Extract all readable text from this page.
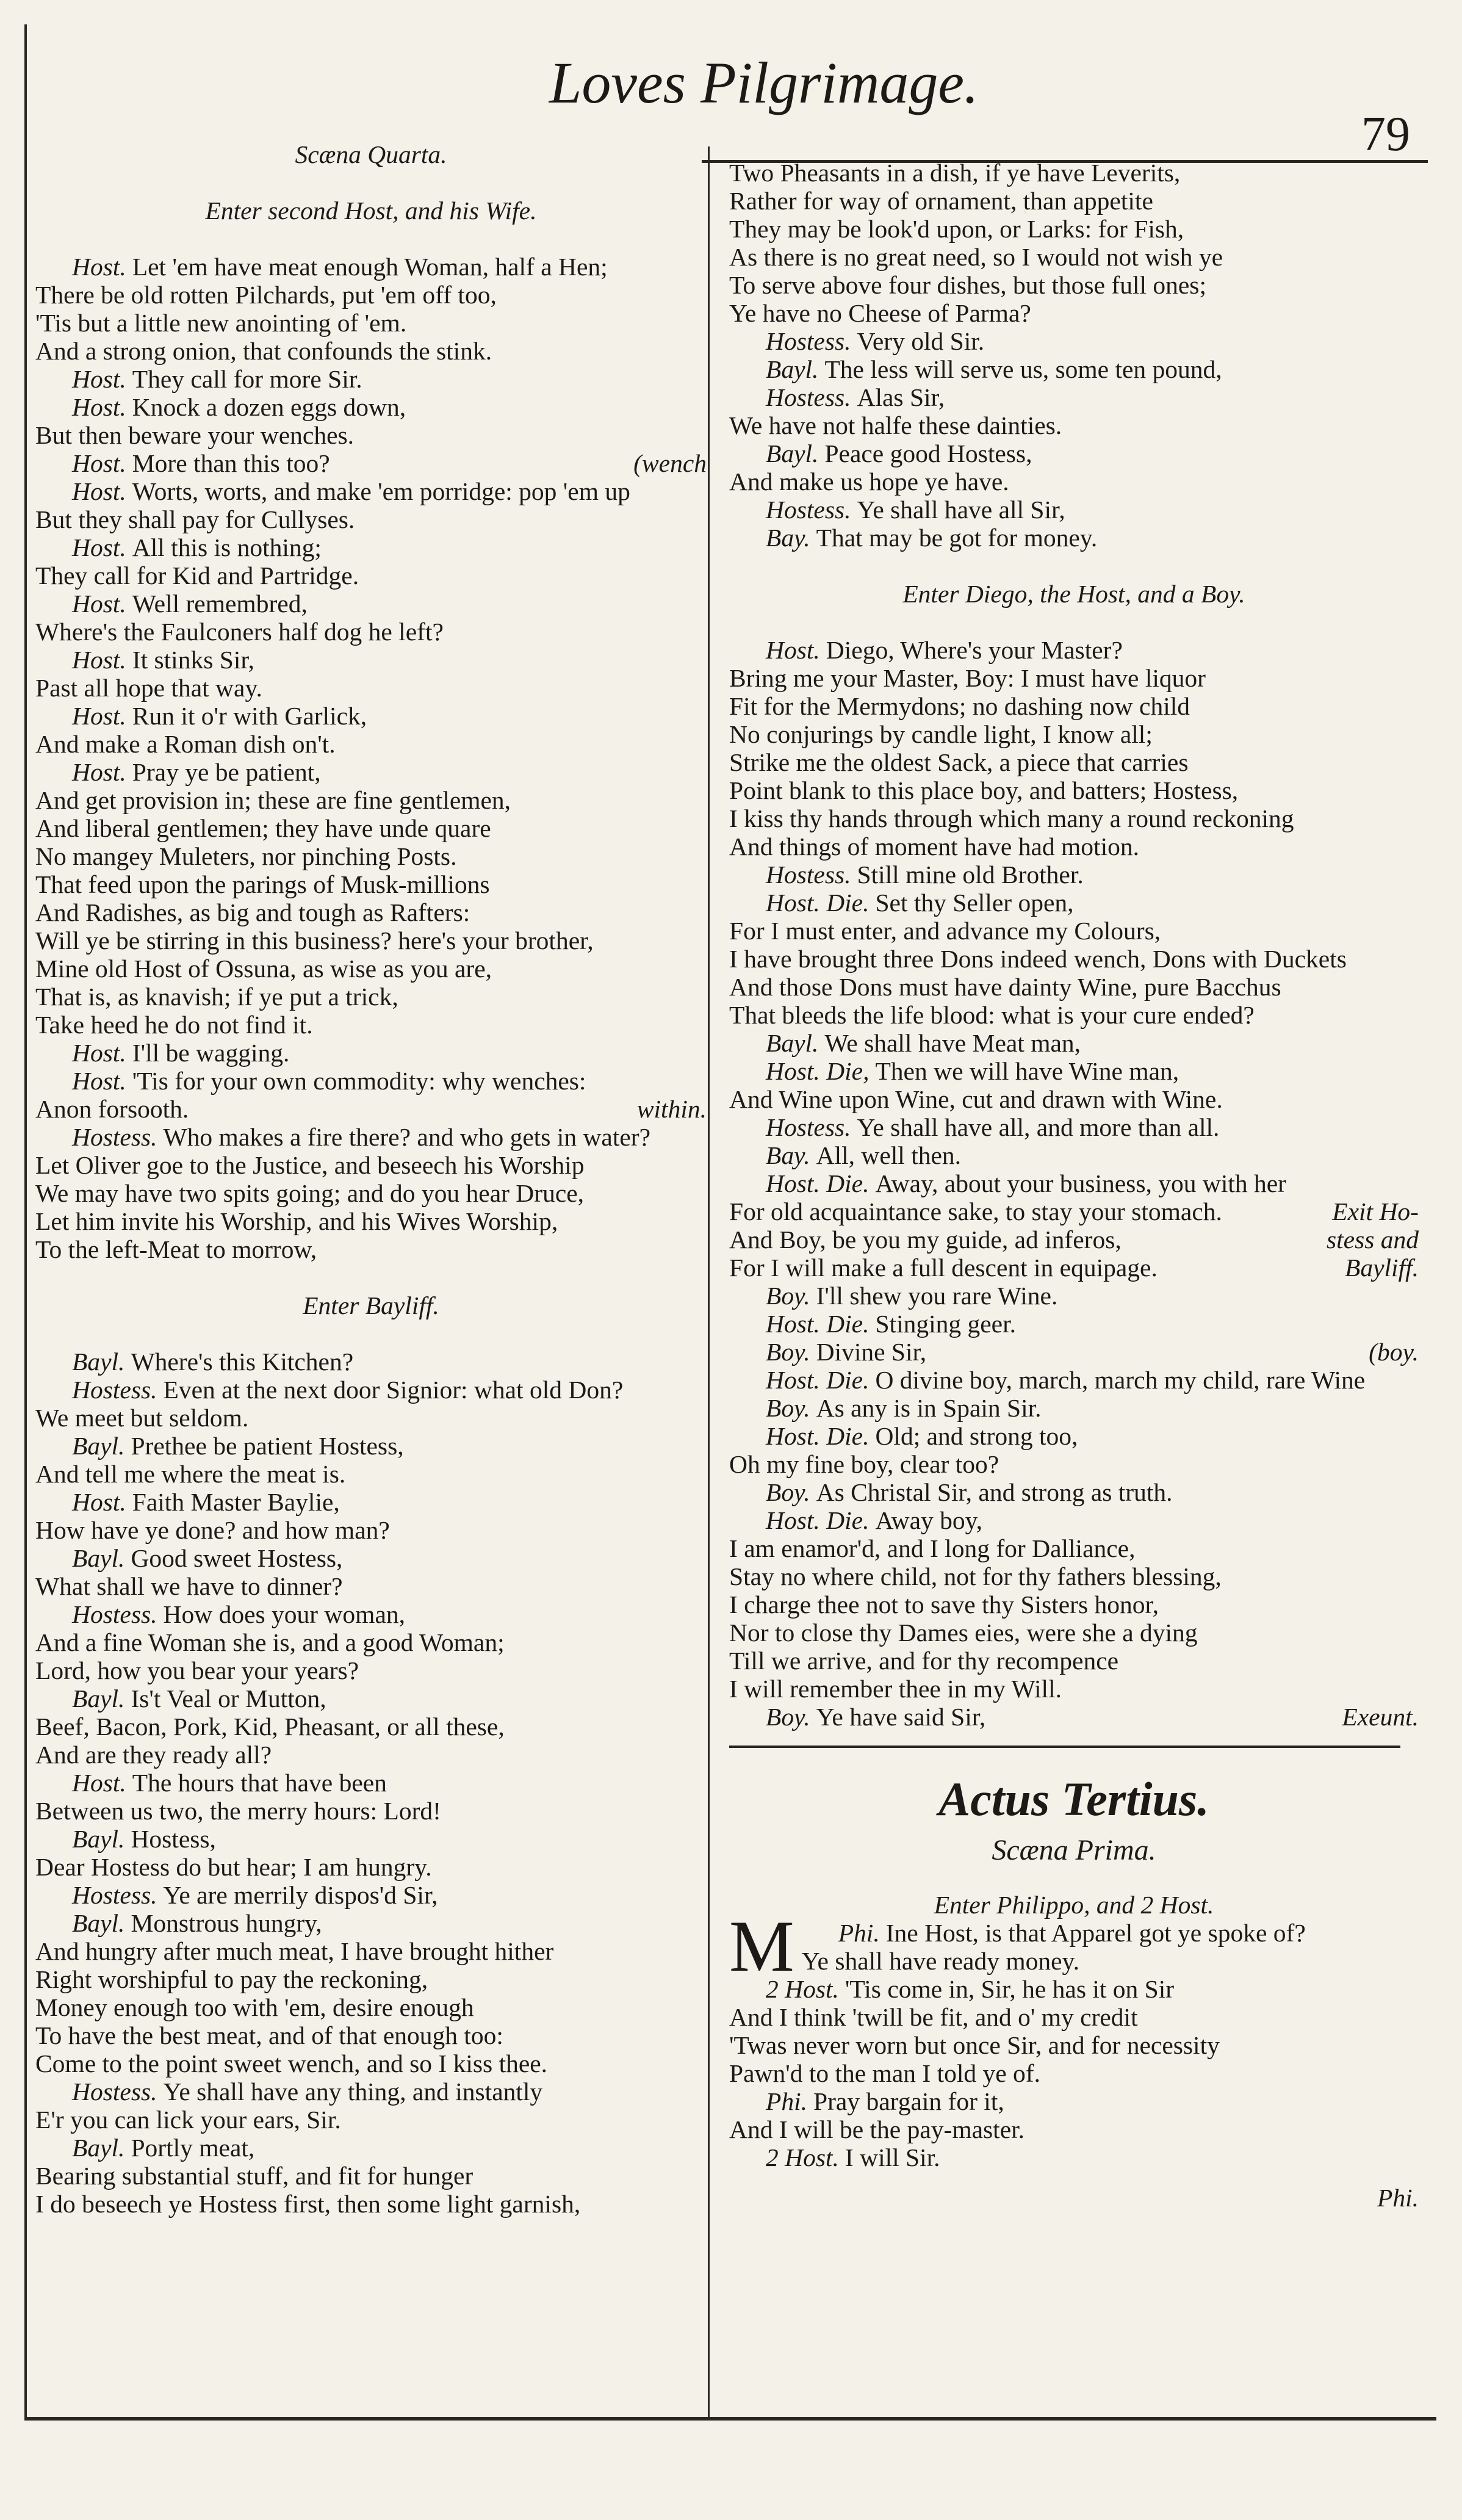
Loves Pilgrimage.
79
Scæna Quarta.
Enter second Host, and his Wife.
Host. Let 'em have meat enough Woman, half a Hen;
There be old rotten Pilchards, put 'em off too,
'Tis but a little new anointing of 'em.
And a strong onion, that confounds the stink.
Host. They call for more Sir.
Host. Knock a dozen eggs down,
But then beware your wenches.
(wench
Host. More than this too?
Host. Worts, worts, and make 'em porridge: pop 'em up
But they shall pay for Cullyses.
Host. All this is nothing;
They call for Kid and Partridge.
Host. Well remembred,
Where's the Faulconers half dog he left?
Host. It stinks Sir,
Past all hope that way.
Host. Run it o'r with Garlick,
And make a Roman dish on't.
Host. Pray ye be patient,
And get provision in; these are fine gentlemen,
And liberal gentlemen; they have unde quare
No mangey Muleters, nor pinching Posts.
That feed upon the parings of Musk-millions
And Radishes, as big and tough as Rafters:
Will ye be stirring in this business? here's your brother,
Mine old Host of Ossuna, as wise as you are,
That is, as knavish; if ye put a trick,
Take heed he do not find it.
Host. I'll be wagging.
Host. 'Tis for your own commodity: why wenches:
within.
Anon forsooth.
Hostess. Who makes a fire there? and who gets in water?
Let Oliver goe to the Justice, and beseech his Worship
We may have two spits going; and do you hear Druce,
Let him invite his Worship, and his Wives Worship,
To the left-Meat to morrow,
Enter Bayliff.
Bayl. Where's this Kitchen?
Hostess. Even at the next door Signior: what old Don?
We meet but seldom.
Bayl. Prethee be patient Hostess,
And tell me where the meat is.
Host. Faith Master Baylie,
How have ye done? and how man?
Bayl. Good sweet Hostess,
What shall we have to dinner?
Hostess. How does your woman,
And a fine Woman she is, and a good Woman;
Lord, how you bear your years?
Bayl. Is't Veal or Mutton,
Beef, Bacon, Pork, Kid, Pheasant, or all these,
And are they ready all?
Host. The hours that have been
Between us two, the merry hours: Lord!
Bayl. Hostess,
Dear Hostess do but hear; I am hungry.
Hostess. Ye are merrily dispos'd Sir,
Bayl. Monstrous hungry,
And hungry after much meat, I have brought hither
Right worshipful to pay the reckoning,
Money enough too with 'em, desire enough
To have the best meat, and of that enough too:
Come to the point sweet wench, and so I kiss thee.
Hostess. Ye shall have any thing, and instantly
E'r you can lick your ears, Sir.
Bayl. Portly meat,
Bearing substantial stuff, and fit for hunger
I do beseech ye Hostess first, then some light garnish,
Two Pheasants in a dish, if ye have Leverits,
Rather for way of ornament, than appetite
They may be look'd upon, or Larks: for Fish,
As there is no great need, so I would not wish ye
To serve above four dishes, but those full ones;
Ye have no Cheese of Parma?
Hostess. Very old Sir.
Bayl. The less will serve us, some ten pound,
Hostess. Alas Sir,
We have not halfe these dainties.
Bayl. Peace good Hostess,
And make us hope ye have.
Hostess. Ye shall have all Sir,
Bay. That may be got for money.
Enter Diego, the Host, and a Boy.
Host. Diego, Where's your Master?
Bring me your Master, Boy: I must have liquor
Fit for the Mermydons; no dashing now child
No conjurings by candle light, I know all;
Strike me the oldest Sack, a piece that carries
Point blank to this place boy, and batters; Hostess,
I kiss thy hands through which many a round reckoning
And things of moment have had motion.
Hostess. Still mine old Brother.
Host. Die. Set thy Seller open,
For I must enter, and advance my Colours,
I have brought three Dons indeed wench, Dons with Duckets
And those Dons must have dainty Wine, pure Bacchus
That bleeds the life blood: what is your cure ended?
Bayl. We shall have Meat man,
Host. Die, Then we will have Wine man,
And Wine upon Wine, cut and drawn with Wine.
Hostess. Ye shall have all, and more than all.
Bay. All, well then.
Host. Die. Away, about your business, you with her
Exit Ho-
For old acquaintance sake, to stay your stomach.
stess and
And Boy, be you my guide, ad inferos,
Bayliff.
For I will make a full descent in equipage.
Boy. I'll shew you rare Wine.
Host. Die. Stinging geer.
(boy.
Boy. Divine Sir,
Host. Die. O divine boy, march, march my child, rare Wine
Boy. As any is in Spain Sir.
Host. Die. Old; and strong too,
Oh my fine boy, clear too?
Boy. As Christal Sir, and strong as truth.
Host. Die. Away boy,
I am enamor'd, and I long for Dalliance,
Stay no where child, not for thy fathers blessing,
I charge thee not to save thy Sisters honor,
Nor to close thy Dames eies, were she a dying
Till we arrive, and for thy recompence
I will remember thee in my Will.
Exeunt.
Boy. Ye have said Sir,
Actus Tertius.
Scæna Prima.
Enter Philippo, and 2 Host.
Phi.
M	Ine Host, is that Apparel got ye spoke of?
Ye shall have ready money.
2 Host. 'Tis come in, Sir, he has it on Sir
And I think 'twill be fit, and o' my credit
'Twas never worn but once Sir, and for necessity
Pawn'd to the man I told ye of.
Phi. Pray bargain for it,
And I will be the pay-master.
2 Host. I will Sir.
Phi.
